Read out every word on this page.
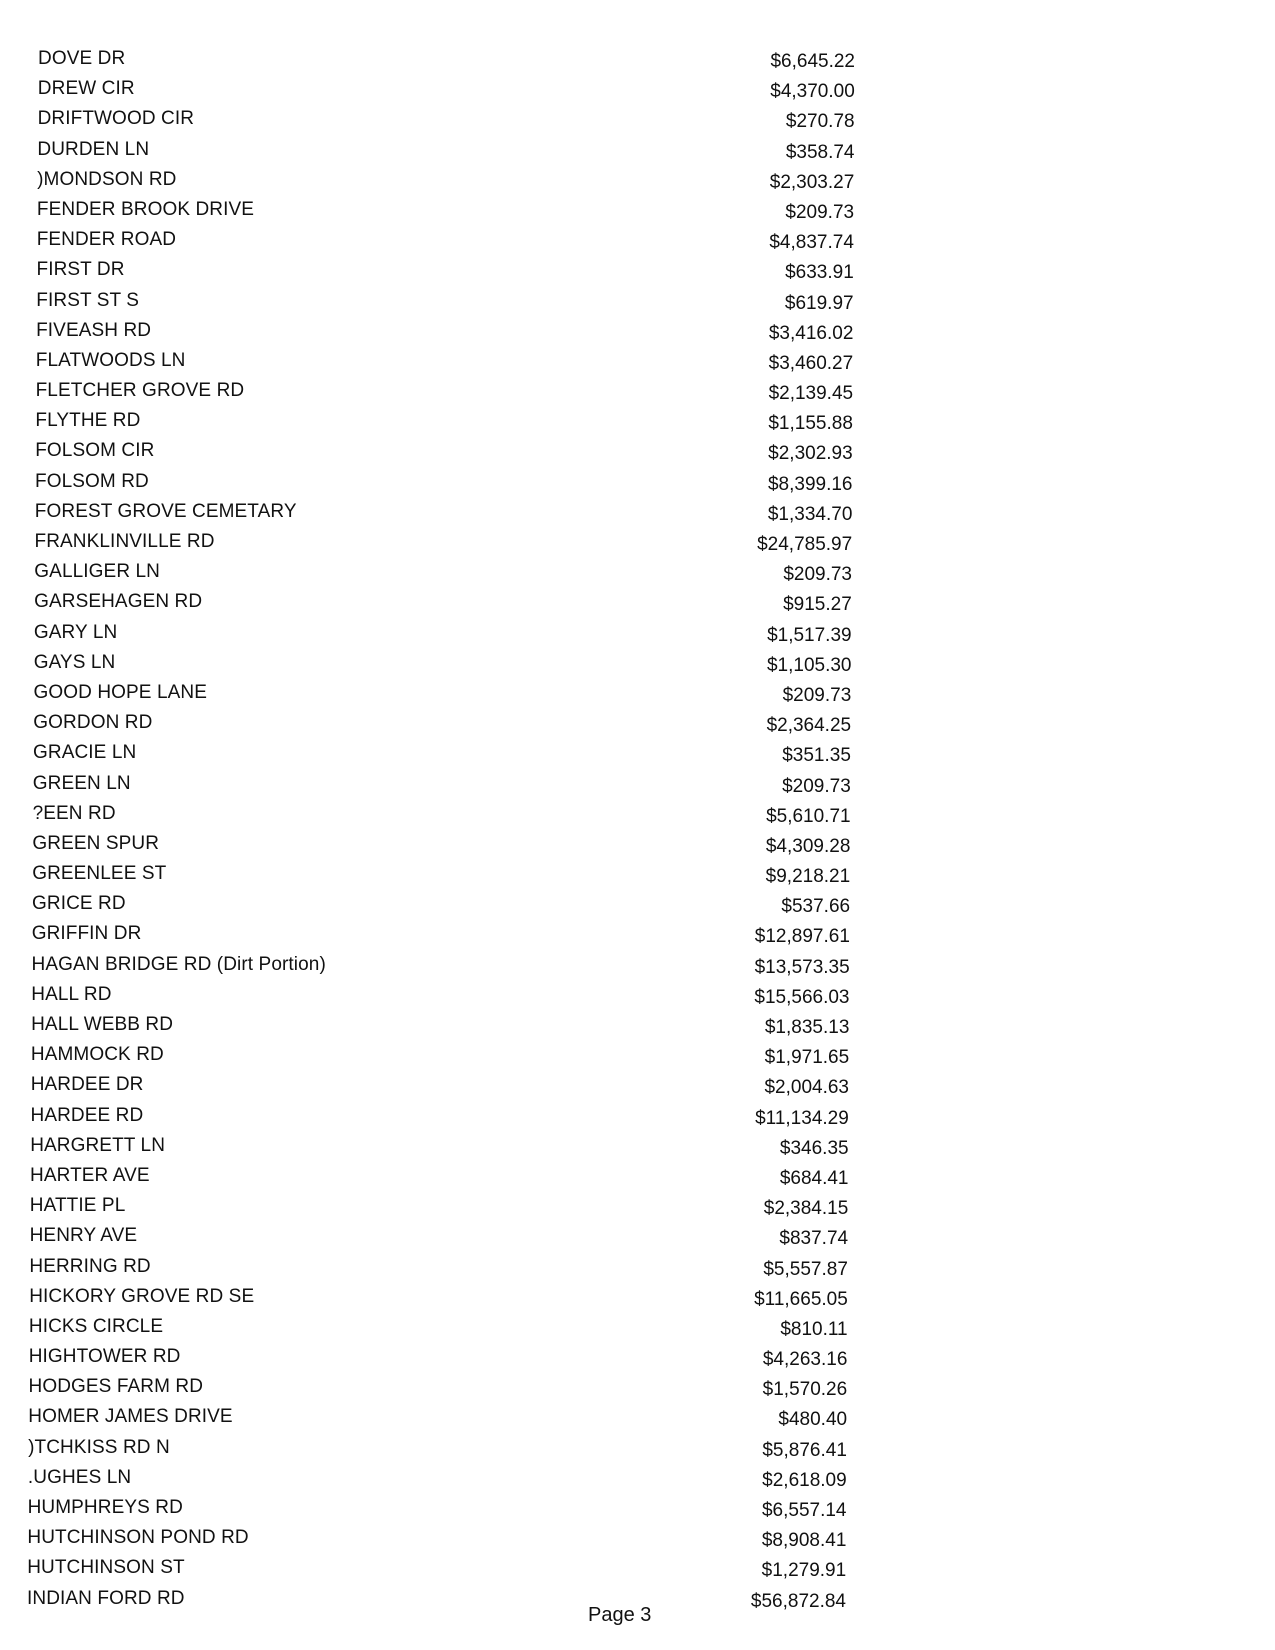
DOVE DR	$6,645.22
DREW CIR	$4,370.00
DRIFTWOOD CIR	$270.78
DURDEN LN	$358.74
)MONDSON RD	$2,303.27
FENDER BROOK DRIVE	$209.73
FENDER ROAD	$4,837.74
FIRST DR	$633.91
FIRST ST S	$619.97
FIVEASH RD	$3,416.02
FLATWOODS LN	$3,460.27
FLETCHER GROVE RD	$2,139.45
FLYTHE RD	$1,155.88
FOLSOM CIR	$2,302.93
FOLSOM RD	$8,399.16
FOREST GROVE CEMETARY	$1,334.70
FRANKLINVILLE RD	$24,785.97
GALLIGER LN	$209.73
GARSEHAGEN RD	$915.27
GARY LN	$1,517.39
GAYS LN	$1,105.30
GOOD HOPE LANE	$209.73
GORDON RD	$2,364.25
GRACIE LN	$351.35
GREEN LN	$209.73
?EEN RD	$5,610.71
GREEN SPUR	$4,309.28
GREENLEE ST	$9,218.21
GRICE RD	$537.66
GRIFFIN DR	$12,897.61
HAGAN BRIDGE RD (Dirt Portion)	$13,573.35
HALL RD	$15,566.03
HALL WEBB RD	$1,835.13
HAMMOCK RD	$1,971.65
HARDEE DR	$2,004.63
HARDEE RD	$11,134.29
HARGRETT LN	$346.35
HARTER AVE	$684.41
HATTIE PL	$2,384.15
HENRY AVE	$837.74
HERRING RD	$5,557.87
HICKORY GROVE RD SE	$11,665.05
HICKS CIRCLE	$810.11
HIGHTOWER RD	$4,263.16
HODGES FARM RD	$1,570.26
HOMER JAMES DRIVE	$480.40
)TCHKISS RD N	$5,876.41
.UGHES LN	$2,618.09
HUMPHREYS RD	$6,557.14
HUTCHINSON POND RD	$8,908.41
HUTCHINSON ST	$1,279.91
INDIAN FORD RD	$56,872.84
Page 3
